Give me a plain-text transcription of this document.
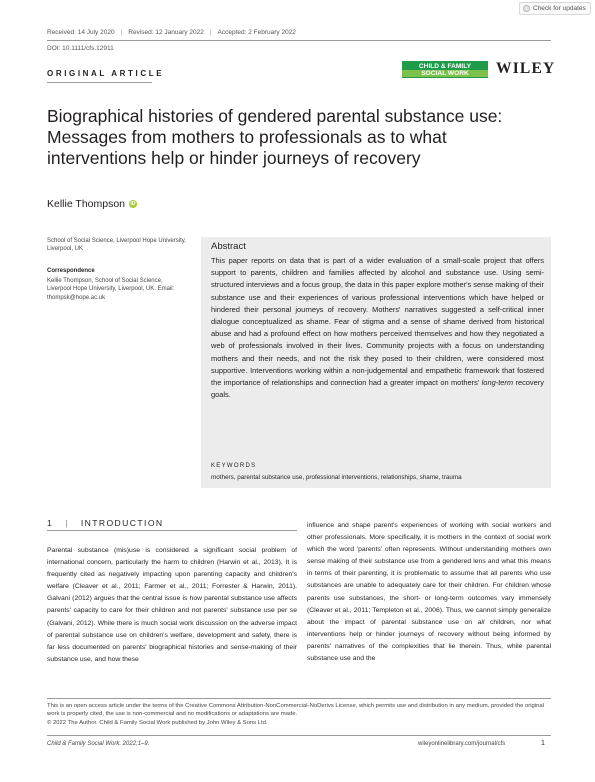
Check for updates
Received: 14 July 2020 | Revised: 12 January 2022 | Accepted: 2 February 2022
DOI: 10.1111/cfs.12911
ORIGINAL ARTICLE
CHILD & FAMILY
SOCIAL WORK	WILEY
Biographical histories of gendered parental substance use: Messages from mothers to professionals as to what interventions help or hinder journeys of recovery
Kellie Thompson	iD
School of Social Science, Liverpool Hope University, Liverpool, UK
Correspondence
Kellie Thompson, School of Social Science, Liverpool Hope University, Liverpool, UK. Email: thompsk@hope.ac.uk
Abstract
This paper reports on data that is part of a wider evaluation of a small-scale project that offers support to parents, children and families affected by alcohol and substance use. Using semi-structured interviews and a focus group, the data in this paper explore mother's sense making of their substance use and their experiences of various professional interventions which have helped or hindered their personal journeys of recovery. Mothers' narratives suggested a self-critical inner dialogue conceptualized as shame. Fear of stigma and a sense of shame derived from historical abuse and had a profound effect on how mothers perceived themselves and how they negotiated a web of professionals involved in their lives. Community projects with a focus on understanding mothers and their needs, and not the risk they posed to their children, were considered most supportive. Interventions working within a non-judgemental and empathetic framework that fostered the importance of relationships and connection had a greater impact on mothers' long-term recovery goals.
KEYWORDS
mothers, parental substance use, professional interventions, relationships, shame, trauma
1 | INTRODUCTION
Parental substance (mis)use is considered a significant social problem of international concern, particularly the harm to children (Harwin et al., 2013). It is frequently cited as negatively impacting upon parenting capacity and children's welfare (Cleaver et al., 2011; Farmer et al., 2011; Forrester & Harwin, 2011). Galvani (2012) argues that the central issue is how parental substance use affects parents' capacity to care for their children and not parents' substance use per se (Galvani, 2012). While there is much social work discussion on the adverse impact of parental substance use on children's welfare, development and safety, there is far less documented on parents' biographical histories and sense-making of their substance use, and how these
influence and shape parent's experiences of working with social workers and other professionals. More specifically, it is mothers in the context of social work which the word 'parents' often represents. Without understanding mothers own sense making of their substance use from a gendered lens and what this means in terms of their parenting, it is problematic to assume that all parents who use substances are unable to adequately care for their children. For children whose parents use substances, the short- or long-term outcomes vary immensely (Cleaver et al., 2011; Templeton et al., 2006). Thus, we cannot simply generalize about the impact of parental substance use on all children, nor what interventions help or hinder journeys of recovery without being informed by parents' narratives of the complexities that lie therein. Thus, while parental substance use and the
This is an open access article under the terms of the Creative Commons Attribution-NonCommercial-NoDerivs License, which permits use and distribution in any medium, provided the original work is properly cited, the use is non-commercial and no modifications or adaptations are made.
© 2022 The Author. Child & Family Social Work published by John Wiley & Sons Ltd.
Child & Family Social Work. 2022;1–9.	wileyonlinelibrary.com/journal/cfs	1
